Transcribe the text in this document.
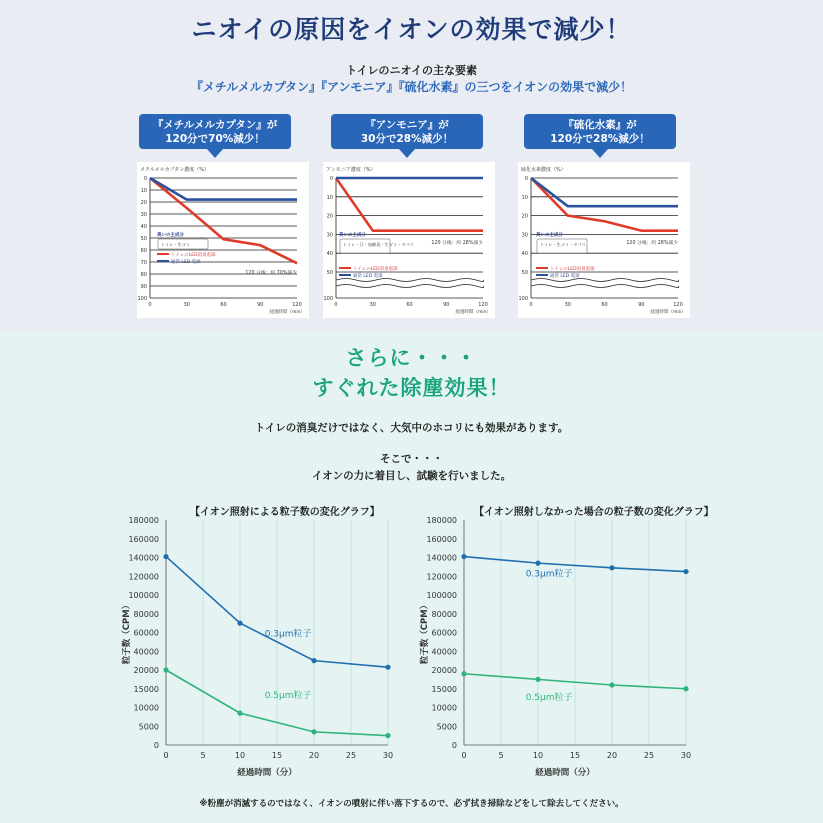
ニオイの原因をイオンの効果で減少！
トイレのニオイの主な要素
『メチルメルカプタン』『アンモニア』『硫化水素』の三つをイオンの効果で減少！
『メチルメルカプタン』が
120分で70%減少！
『アンモニア』が
30分で28%減少！
『硫化水素』が
120分で28%減少！
メチルメルカプタン濃度（%）
0
10
20
30
40
50
60
70
80
90
100
0	30	60	90	120
経過時間（min）
臭いの主成分
トイレ・生ゴミ
トイレのLED消臭電球
通常 LED 電球
120 分後：約 70%減少
アンモニア濃度（%）
0
10
20
30
40
50
100
0	30	60	90	120
経過時間（min）
臭いの主成分
トイレ・汗・加齢臭・生ゴミ・タバコ
トイレのLED消臭電球
通常 LED 電球
120 分後：約 28%減少
硫化水素濃度（%）
0
10
20
30
40
50
100
0	30	60	90	120
経過時間（min）
臭いの主成分
トイレ・生ゴミ・タバコ
トイレのLED消臭電球
通常 LED 電球
120 分後：約 28%減少
さらに・・・
すぐれた除塵効果！
トイレの消臭だけではなく、大気中のホコリにも効果があります。
そこで・・・
イオンの力に着目し、試験を行いました。
【イオン照射による粒子数の変化グラフ】	【イオン照射しなかった場合の粒子数の変化グラフ】
0
5000
10000
15000
20000
40000
60000
80000
100000
120000
140000
160000
180000
0	5	10	15	20	25	30
経過時間（分）
粒子数（CPM）	0.3μm粒子
0.5μm粒子
0
5000
10000
15000
20000
40000
60000
80000
100000
120000
140000
160000
180000
0	5	10	15	20	25	30
経過時間（分）
粒子数（CPM）
0.3μm粒子
0.5μm粒子
※粉塵が消滅するのではなく、イオンの噴射に伴い落下するので、必ず拭き掃除などをして除去してください。
